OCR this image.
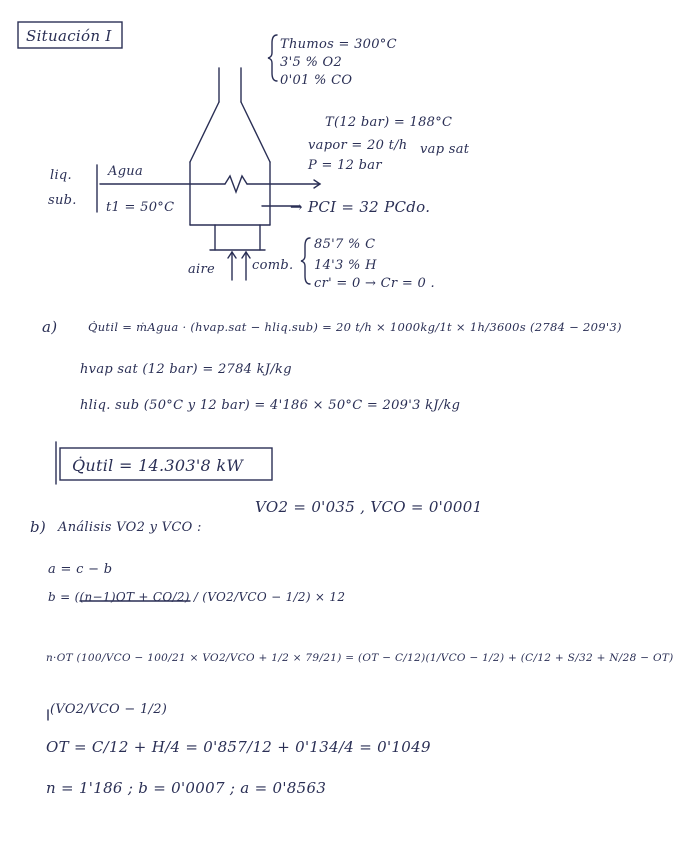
Situación I	Thumos = 300°C
3'5 % O2
0'01 % CO
T(12 bar) = 188°C
vapor = 20 t/h vap sat
P = 12 bar
liq.
sub.
Agua
t1 = 50°C	→ PCI = 32 PCdo.
aire	comb.
85'7 % C
14'3 % H
cr' = 0 → Cr = 0 .
a)	Q̇util = ṁAgua · (hvap.sat − hliq.sub) = 20 t/h × 1000kg/1t × 1h/3600s (2784 − 209'3)
hvap sat (12 bar) = 2784 kJ/kg
hliq. sub (50°C y 12 bar) = 4'186 × 50°C = 209'3 kJ/kg
Q̇util = 14.303'8 kW
b) Análisis VO2 y VCO :
VO2 = 0'035 , VCO = 0'0001
a = c − b
b = ((n−1)OT + CO/2) / (VO2/VCO − 1/2) × 12
n·OT (100/VCO − 100/21 × VO2/VCO + 1/2 × 79/21) = (OT − C/12)(1/VCO − 1/2) + (C/12 + S/32 + N/28 − OT)
(VO2/VCO − 1/2)
OT = C/12 + H/4 = 0'857/12 + 0'134/4 = 0'1049
n = 1'186 ; b = 0'0007 ; a = 0'8563
